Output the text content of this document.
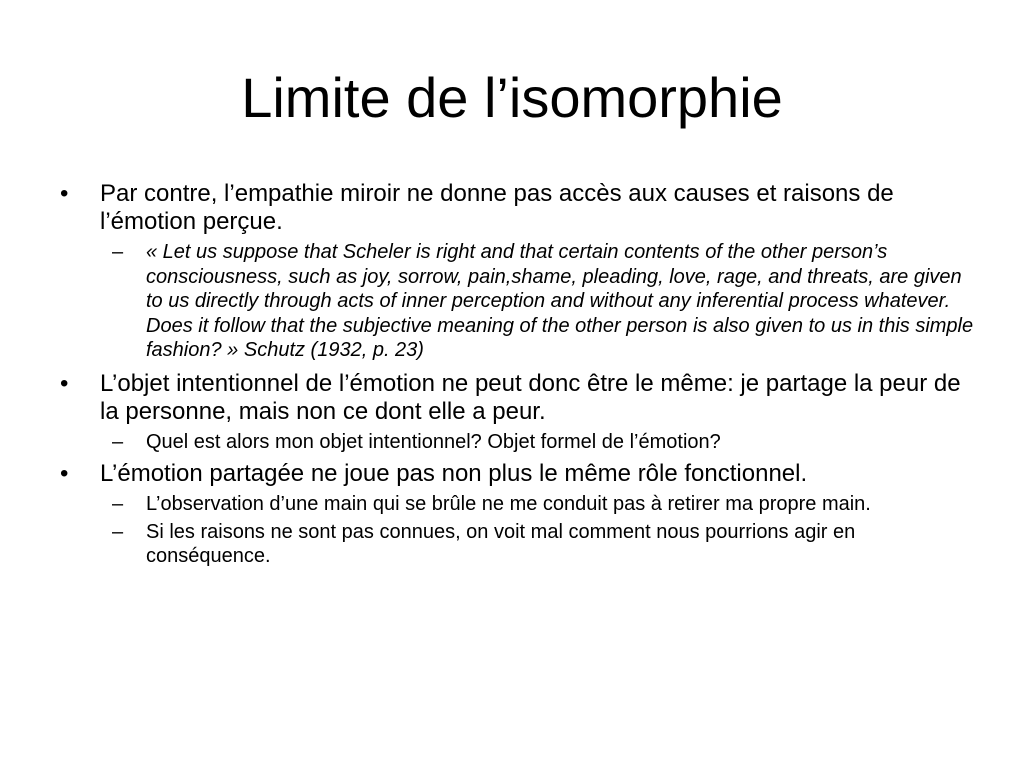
Limite de l’isomorphie
• Par contre, l’empathie miroir ne donne pas accès aux causes et raisons de l’émotion perçue.
– « Let us suppose that Scheler is right and that certain contents of the other person’s consciousness, such as joy, sorrow, pain,shame, pleading, love, rage, and threats, are given to us directly through acts of inner perception and without any inferential process whatever. Does it follow that the subjective meaning of the other person is also given to us in this simple fashion? » Schutz (1932, p. 23)
• L’objet intentionnel de l’émotion ne peut donc être le même: je partage la peur de la personne, mais non ce dont elle a peur.
– Quel est alors mon objet intentionnel? Objet formel de l’émotion?
• L’émotion partagée ne joue pas non plus le même rôle fonctionnel.
– L’observation d’une main qui se brûle ne me conduit pas à retirer ma propre main.
– Si les raisons ne sont pas connues, on voit mal comment nous pourrions agir en conséquence.
